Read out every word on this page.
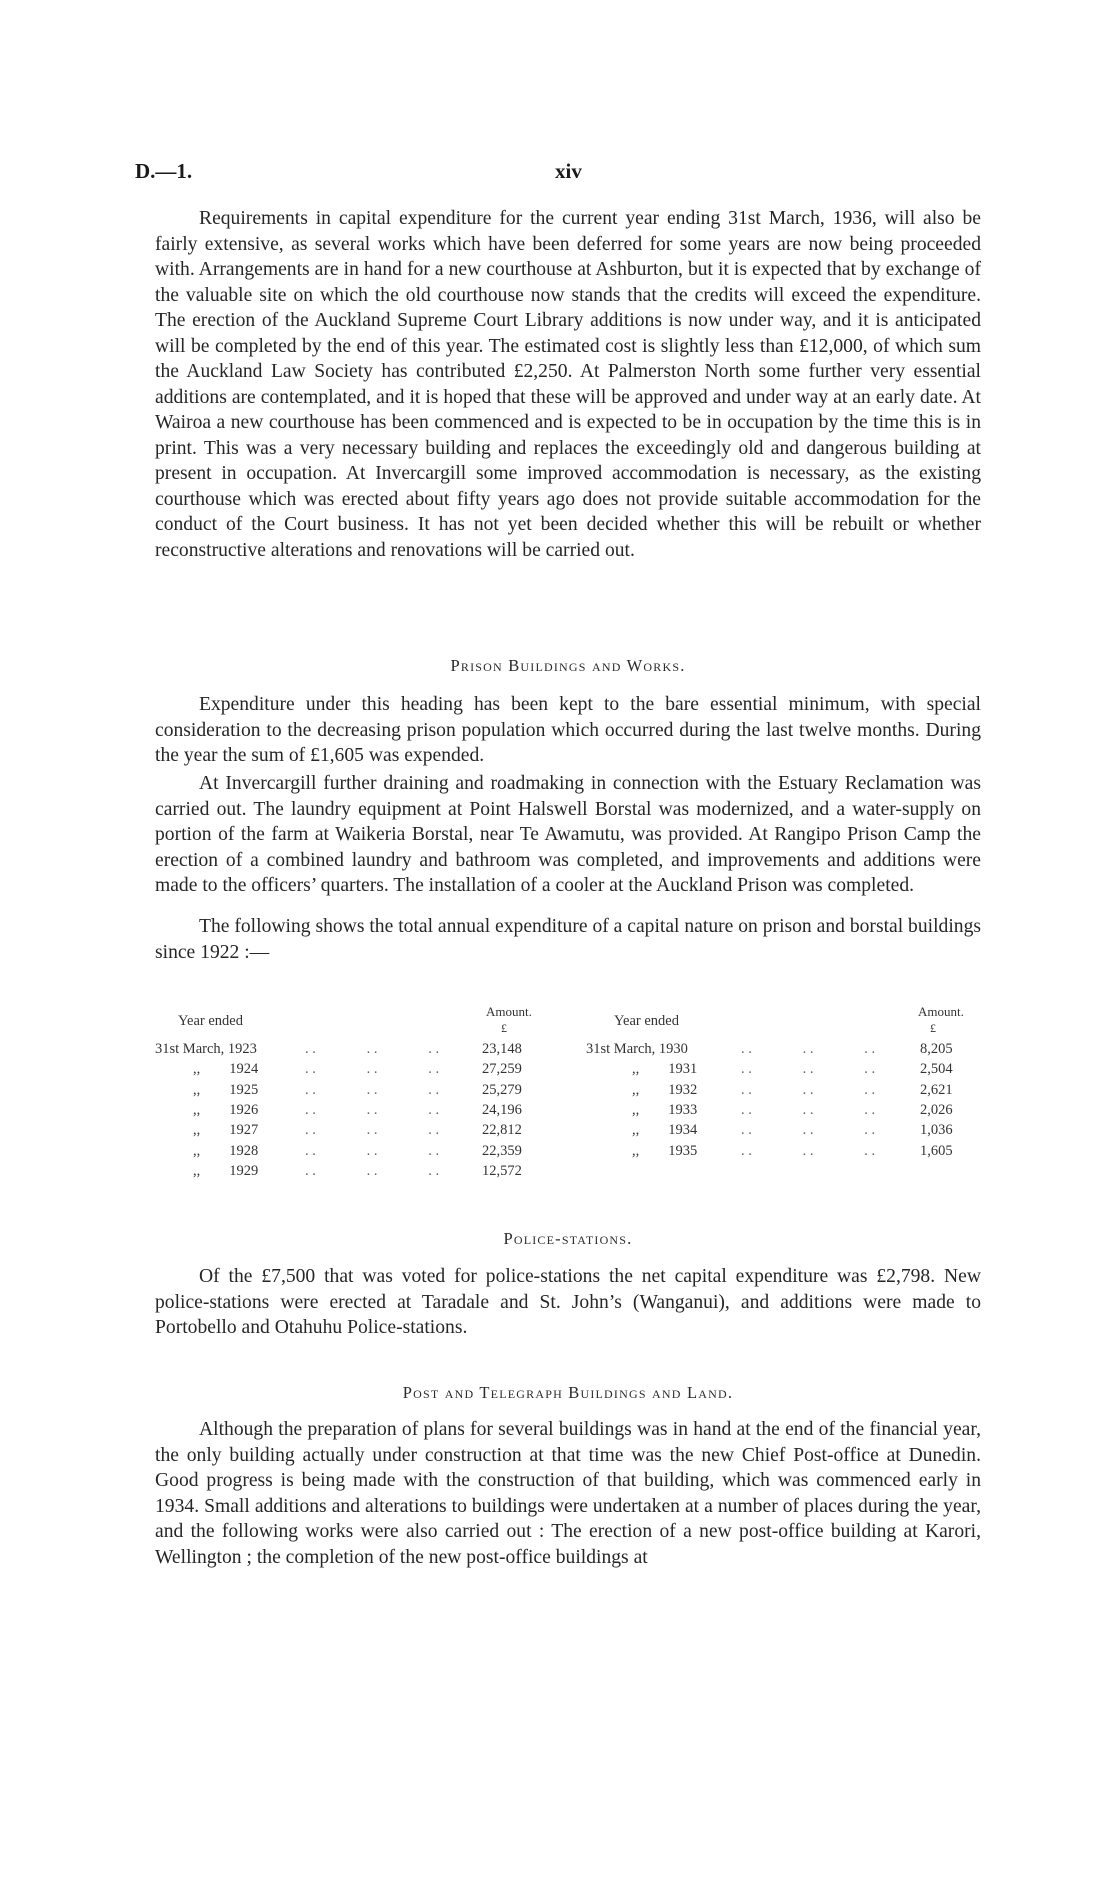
D.—1.	xiv

Requirements in capital expenditure for the current year ending 31st March, 1936, will also be fairly extensive, as several works which have been deferred for some years are now being proceeded with. Arrangements are in hand for a new courthouse at Ashburton, but it is expected that by exchange of the valuable site on which the old courthouse now stands that the credits will exceed the expenditure. The erection of the Auckland Supreme Court Library additions is now under way, and it is anticipated will be completed by the end of this year. The estimated cost is slightly less than £12,000, of which sum the Auckland Law Society has contributed £2,250. At Palmerston North some further very essential additions are contemplated, and it is hoped that these will be approved and under way at an early date. At Wairoa a new courthouse has been commenced and is expected to be in occupation by the time this is in print. This was a very necessary building and replaces the exceedingly old and dangerous building at present in occupation. At Invercargill some improved accommodation is necessary, as the existing courthouse which was erected about fifty years ago does not provide suitable accommodation for the conduct of the Court business. It has not yet been decided whether this will be rebuilt or whether reconstructive alterations and renovations will be carried out.

Prison Buildings and Works.

Expenditure under this heading has been kept to the bare essential minimum, with special consideration to the decreasing prison population which occurred during the last twelve months. During the year the sum of £1,605 was expended.

At Invercargill further draining and roadmaking in connection with the Estuary Reclamation was carried out. The laundry equipment at Point Halswell Borstal was modernized, and a water-supply on portion of the farm at Waikeria Borstal, near Te Awamutu, was provided. At Rangipo Prison Camp the erection of a combined laundry and bathroom was completed, and improvements and additions were made to the officers’ quarters. The installation of a cooler at the Auckland Prison was completed.

The following shows the total annual expenditure of a capital nature on prison and borstal buildings since 1922 :—

Year ended
Amount.
£	Year ended
Amount.
£
31st March, 1923	. .              . .              . .	23,148
,,        1924	. .              . .              . .	27,259
,,        1925	. .              . .              . .	25,279
,,        1926	. .              . .              . .	24,196
,,        1927	. .              . .              . .	22,812
,,        1928	. .              . .              . .	22,359
,,        1929	. .              . .              . .	12,572
31st March, 1930	. .              . .              . .	8,205
,,        1931	. .              . .              . .	2,504
,,        1932	. .              . .              . .	2,621
,,        1933	. .              . .              . .	2,026
,,        1934	. .              . .              . .	1,036
,,        1935	. .              . .              . .	1,605
Police-stations.

Of the £7,500 that was voted for police-stations the net capital expenditure was £2,798. New police-stations were erected at Taradale and St. John’s (Wanganui), and additions were made to Portobello and Otahuhu Police-stations.

Post and Telegraph Buildings and Land.

Although the preparation of plans for several buildings was in hand at the end of the financial year, the only building actually under construction at that time was the new Chief Post-office at Dunedin. Good progress is being made with the construction of that building, which was commenced early in 1934. Small additions and alterations to buildings were undertaken at a number of places during the year, and the following works were also carried out : The erection of a new post-office building at Karori, Wellington ; the completion of the new post-office buildings at
